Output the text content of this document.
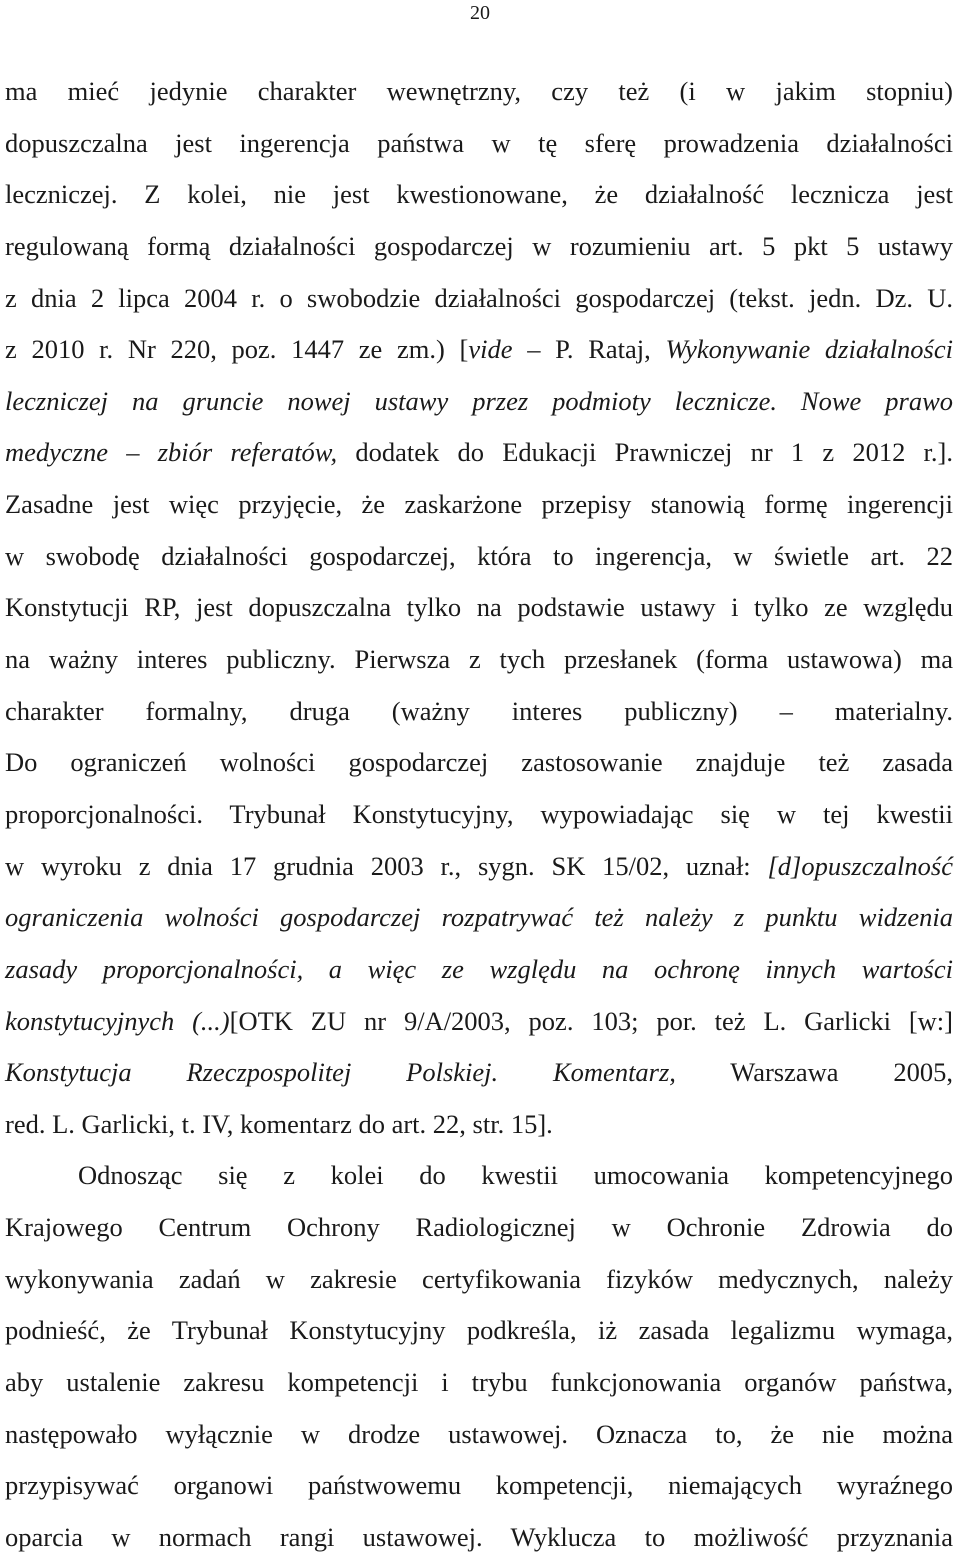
20
ma mieć jedynie charakter wewnętrzny, czy też (i w jakim stopniu)
dopuszczalna jest ingerencja państwa w tę sferę prowadzenia działalności
leczniczej. Z kolei, nie jest kwestionowane, że działalność lecznicza jest
regulowaną formą działalności gospodarczej w rozumieniu art. 5 pkt 5 ustawy
z dnia 2 lipca 2004 r. o swobodzie działalności gospodarczej (tekst. jedn. Dz. U.
z 2010 r. Nr 220, poz. 1447 ze zm.) [vide – P. Rataj, Wykonywanie działalności
leczniczej na gruncie nowej ustawy przez podmioty lecznicze. Nowe prawo
medyczne – zbiór referatów, dodatek do Edukacji Prawniczej nr 1 z 2012 r.].
Zasadne jest więc przyjęcie, że zaskarżone przepisy stanowią formę ingerencji
w swobodę działalności gospodarczej, która to ingerencja, w świetle art. 22
Konstytucji RP, jest dopuszczalna tylko na podstawie ustawy i tylko ze względu
na ważny interes publiczny. Pierwsza z tych przesłanek (forma ustawowa) ma
charakter formalny, druga (ważny interes publiczny) – materialny.
Do ograniczeń wolności gospodarczej zastosowanie znajduje też zasada
proporcjonalności. Trybunał Konstytucyjny, wypowiadając się w tej kwestii
w wyroku z dnia 17 grudnia 2003 r., sygn. SK 15/02, uznał: [d]opuszczalność
ograniczenia wolności gospodarczej rozpatrywać też należy z punktu widzenia
zasady proporcjonalności, a więc ze względu na ochronę innych wartości
konstytucyjnych (...)[OTK ZU nr 9/A/2003, poz. 103; por. też L. Garlicki [w:]
Konstytucja Rzeczpospolitej Polskiej. Komentarz, Warszawa 2005,
red. L. Garlicki, t. IV, komentarz do art. 22, str. 15].
Odnosząc się z kolei do kwestii umocowania kompetencyjnego
Krajowego Centrum Ochrony Radiologicznej w Ochronie Zdrowia do
wykonywania zadań w zakresie certyfikowania fizyków medycznych, należy
podnieść, że Trybunał Konstytucyjny podkreśla, iż zasada legalizmu wymaga,
aby ustalenie zakresu kompetencji i trybu funkcjonowania organów państwa,
następowało wyłącznie w drodze ustawowej. Oznacza to, że nie można
przypisywać organowi państwowemu kompetencji, niemających wyraźnego
oparcia w normach rangi ustawowej. Wyklucza to możliwość przyznania
